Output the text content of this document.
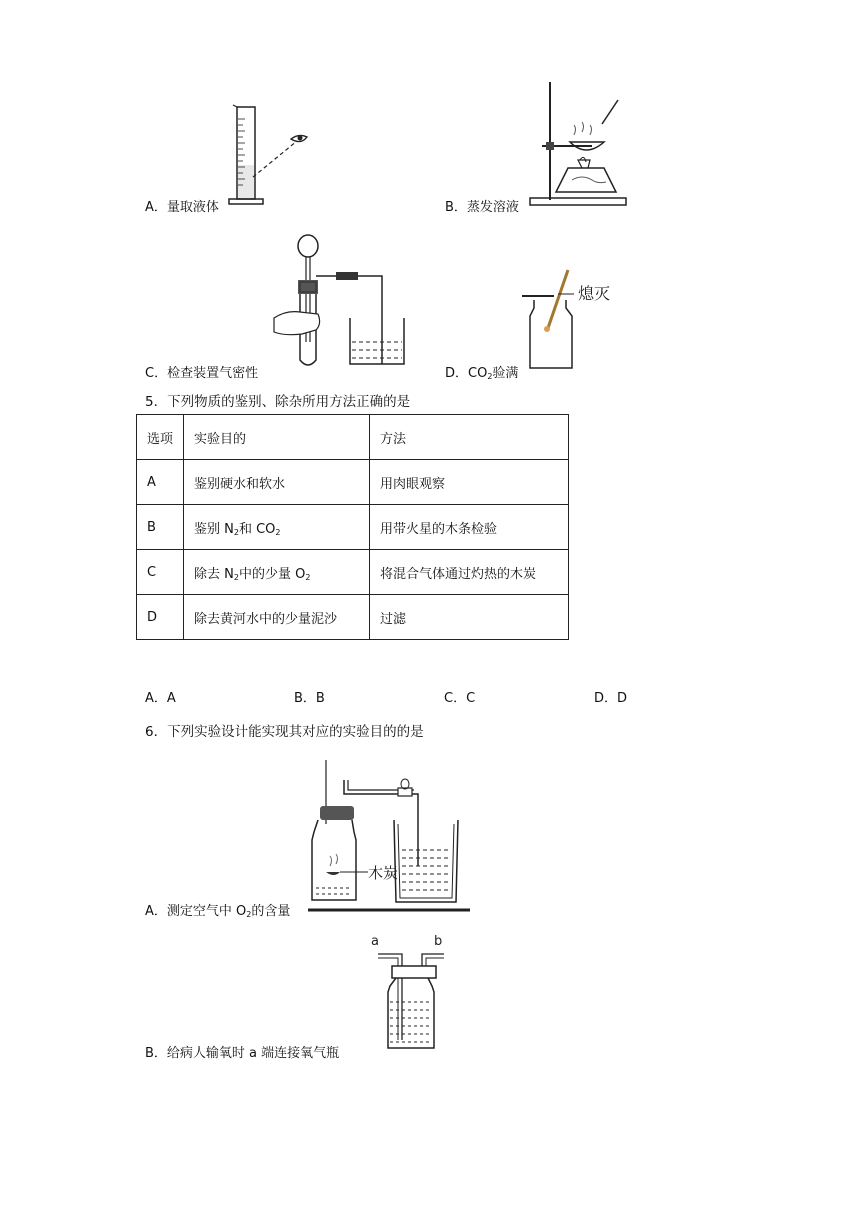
A．量取液体	B．蒸发溶液
C．检查装置气密性
熄灭
D．$CO_2$验满
5．下列物质的鉴别、除杂所用方法正确的是
选项	实验目的	方法
A	鉴别硬水和软水	用肉眼观察
B	鉴别 $N_2$和 $CO_2$	用带火星的木条检验
C	除去 $N_2$中的少量 $O_2$	将混合气体通过灼热的木炭
D	除去黄河水中的少量泥沙	过滤
A．A	B．B	C．C	D．D
6．下列实验设计能实现其对应的实验目的的是
木炭
A．测定空气中 $O_2$的含量
a	b
B．给病人输氧时 a 端连接氧气瓶
